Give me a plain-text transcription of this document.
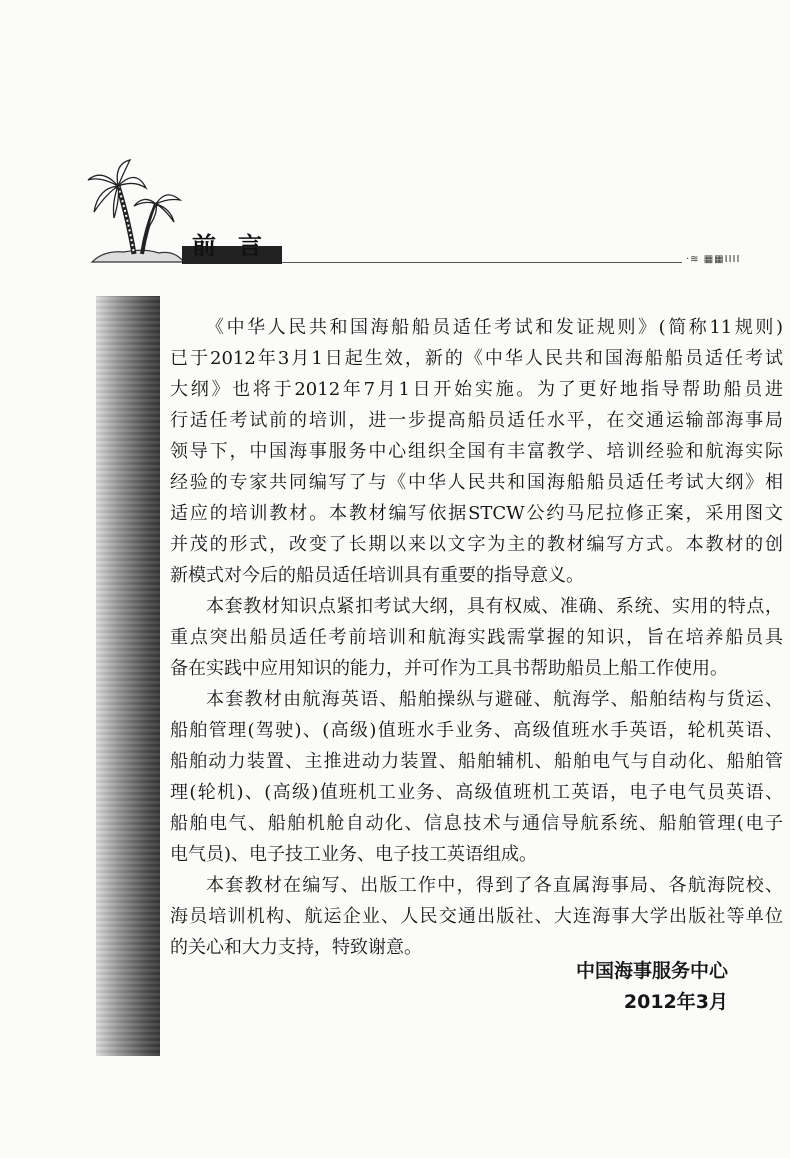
前言	·≋ ▦▦IIII
《中华人民共和国海船船员适任考试和发证规则》(简称11规则)
已于2012年3月1日起生效，新的《中华人民共和国海船船员适任考试
大纲》也将于2012年7月1日开始实施。为了更好地指导帮助船员进
行适任考试前的培训，进一步提高船员适任水平，在交通运输部海事局
领导下，中国海事服务中心组织全国有丰富教学、培训经验和航海实际
经验的专家共同编写了与《中华人民共和国海船船员适任考试大纲》相
适应的培训教材。本教材编写依据STCW公约马尼拉修正案，采用图文
并茂的形式，改变了长期以来以文字为主的教材编写方式。本教材的创
新模式对今后的船员适任培训具有重要的指导意义。
本套教材知识点紧扣考试大纲，具有权威、准确、系统、实用的特点，
重点突出船员适任考前培训和航海实践需掌握的知识，旨在培养船员具
备在实践中应用知识的能力，并可作为工具书帮助船员上船工作使用。
本套教材由航海英语、船舶操纵与避碰、航海学、船舶结构与货运、
船舶管理(驾驶)、(高级)值班水手业务、高级值班水手英语，轮机英语、
船舶动力装置、主推进动力装置、船舶辅机、船舶电气与自动化、船舶管
理(轮机)、(高级)值班机工业务、高级值班机工英语，电子电气员英语、
船舶电气、船舶机舱自动化、信息技术与通信导航系统、船舶管理(电子
电气员)、电子技工业务、电子技工英语组成。
本套教材在编写、出版工作中，得到了各直属海事局、各航海院校、
海员培训机构、航运企业、人民交通出版社、大连海事大学出版社等单位
的关心和大力支持，特致谢意。
中国海事服务中心
2012年3月
